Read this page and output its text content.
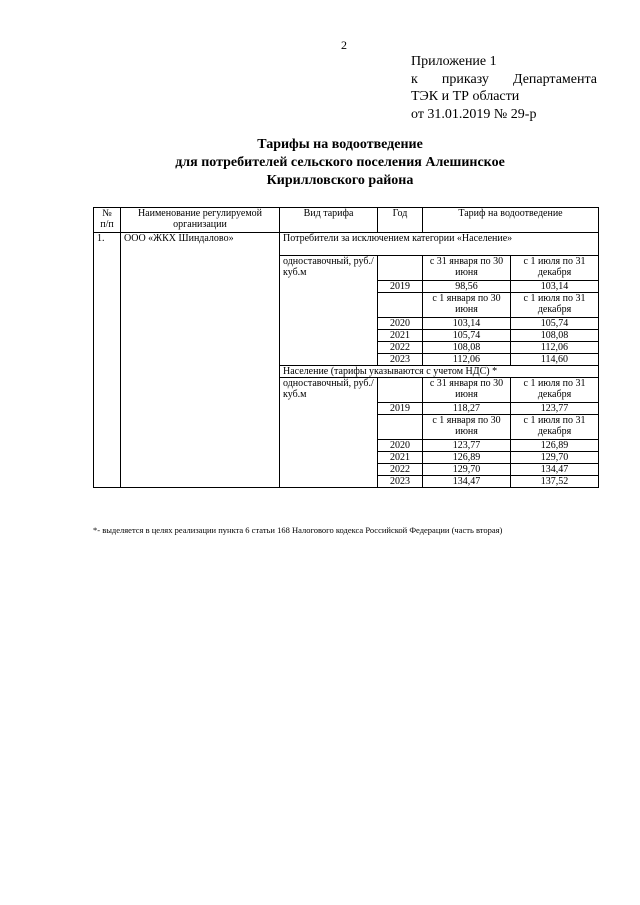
2
Приложение 1
к приказу Департамента
ТЭК и ТР области
от 31.01.2019 № 29-р
Тарифы на водоотведение
для потребителей сельского поселения Алешинское
Кирилловского района
№ п/п	Наименование регулируемой организации	Вид тарифа	Год	Тариф на водоотведение	
1.	ООО «ЖКХ Шиндалово»	Потребители за исключением категории «Население»			
		одноставочный, руб./куб.м		с 31 января по 30 июня	с 1 июля по 31 декабря
			2019	98,56	103,14
				с 1 января по 30 июня	с 1 июля по 31 декабря
			2020	103,14	105,74
			2021	105,74	108,08
			2022	108,08	112,06
			2023	112,06	114,60
		Население (тарифы указываются с учетом НДС) *			
		одноставочный, руб./куб.м		с 31 января по 30 июня	с 1 июля по 31 декабря
			2019	118,27	123,77
				с 1 января по 30 июня	с 1 июля по 31 декабря
			2020	123,77	126,89
			2021	126,89	129,70
			2022	129,70	134,47
			2023	134,47	137,52
*- выделяется в целях реализации пункта 6 статьи 168 Налогового кодекса Российской Федерации (часть вторая)
